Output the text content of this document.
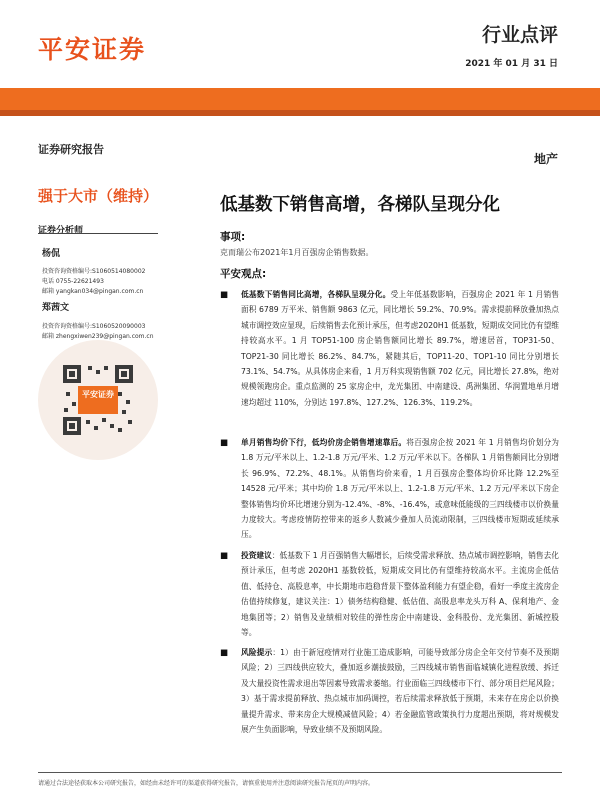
平安证券	行业点评
2021 年 01 月 31 日
证券研究报告
地产
强于大市（维持）	低基数下销售高增，各梯队呈现分化
证券分析师
杨侃
投资咨询资格编号:S1060514080002
电话 0755-22621493
邮箱 yangkan034@pingan.com.cn
郑茜文
投资咨询资格编号:S1060520090003
邮箱 zhengxiwen239@pingan.com.cn
平安证券
事项:
克而瑞公布2021年1月百强房企销售数据。
平安观点:
■ 低基数下销售同比高增，各梯队呈现分化。受上年低基数影响，百强房企 2021 年 1 月销售面积 6789 万平米、销售额 9863 亿元，同比增长 59.2%、70.9%。需求提前释放叠加热点城市调控效应显现，后续销售去化预计承压，但考虑2020H1 低基数，短期成交同比仍有望维持较高水平。1 月 TOP51-100 房企销售额同比增长 89.7%，增速居首，TOP31-50、TOP21-30 同比增长 86.2%、84.7%，紧随其后，TOP11-20、TOP1-10 同比分别增长 73.1%、54.7%。从具体房企来看，1 月万科实现销售额 702 亿元，同比增长 27.8%，绝对规模领跑房企。重点监测的 25 家房企中，龙光集团、中南建设、禹洲集团、华润置地单月增速均超过 110%，分别达 197.8%、127.2%、126.3%、119.2%。
■ 单月销售均价下行，低均价房企销售增速靠后。将百强房企按 2021 年 1 月销售均价划分为 1.8 万元/平米以上、1.2-1.8 万元/平米、1.2 万元/平米以下。各梯队 1 月销售额同比分别增长 96.9%、72.2%、48.1%。从销售均价来看，1 月百强房企整体均价环比降 12.2%至 14528 元/平米；其中均价 1.8 万元/平米以上、1.2-1.8 万元/平米、1.2 万元/平米以下房企整体销售均价环比增速分别为-12.4%、-8%、-16.4%，或意味低能级的三四线楼市以价换量力度较大。考虑疫情防控带来的返乡人数减少叠加人员流动限制，三四线楼市短期或延续承压。
■ 投资建议：低基数下 1 月百强销售大幅增长，后续受需求释放、热点城市调控影响，销售去化预计承压，但考虑 2020H1 基数较低，短期成交同比仍有望维持较高水平。主流房企低估值、低持仓、高股息率，中长期地市趋稳背景下整体盈利能力有望企稳，看好一季度主流房企估值持续修复，建议关注：1）债务结构稳健、低估值、高股息率龙头万科 A、保利地产、金地集团等；2）销售及业绩相对较佳的弹性房企中南建设、金科股份、龙光集团、新城控股等。
■ 风险提示：1）由于新冠疫情对行业施工造成影响，可能导致部分房企全年交付节奏不及预期风险；2）三四线供应较大，叠加返乡潮拔鼓励，三四线城市销售面临城镇化进程放缓、拆迁及大量投资性需求退出等因素导致需求萎缩。行业面临三四线楼市下行、部分项目烂尾风险；3）基于需求提前释放、热点城市加码调控，若后续需求释放低于预期，未来存在房企以价换量提升需求、带来房企大规模减值风险；4）若金融监管政策执行力度超出预期，将对规模发展产生负面影响，导致业绩不及预期风险。
请通过合法途径获取本公司研究报告，如经由未经许可的渠道获得研究报告，请慎重使用并注意阅读研究报告尾页的声明内容。
